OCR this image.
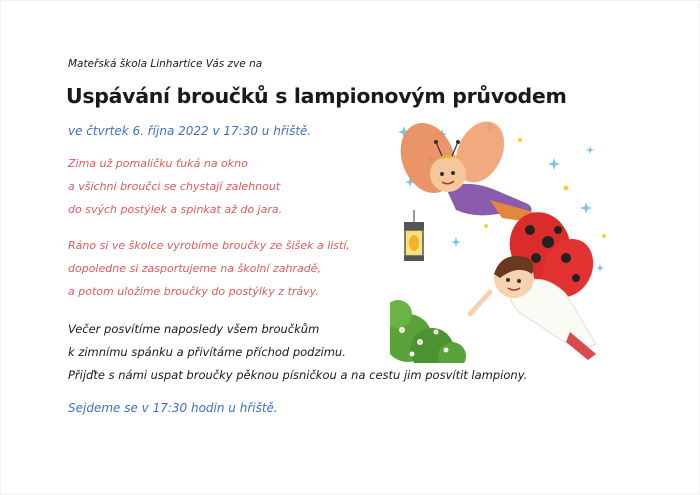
Mateřská škola Linhartice Vás zve na
Uspávání broučků s lampionovým průvodem
ve čtvrtek 6. října 2022 v 17:30 u hřiště.
Zima už pomaličku ťuká na okno
a všichni broučci se chystají zalehnout
do svých postýlek a spinkat až do jara.
Ráno si ve školce vyrobíme broučky ze šišek a listí,
dopoledne si zasportujeme na školní zahradě,
a potom uložíme broučky do postýlky z trávy.
Večer posvítíme naposledy všem broučkům
k zimnímu spánku a přivítáme příchod podzimu.
Přijďte s námi uspat broučky pěknou písničkou a na cestu jim posvítit lampiony.
Sejdeme se v 17:30 hodin u hřiště.
